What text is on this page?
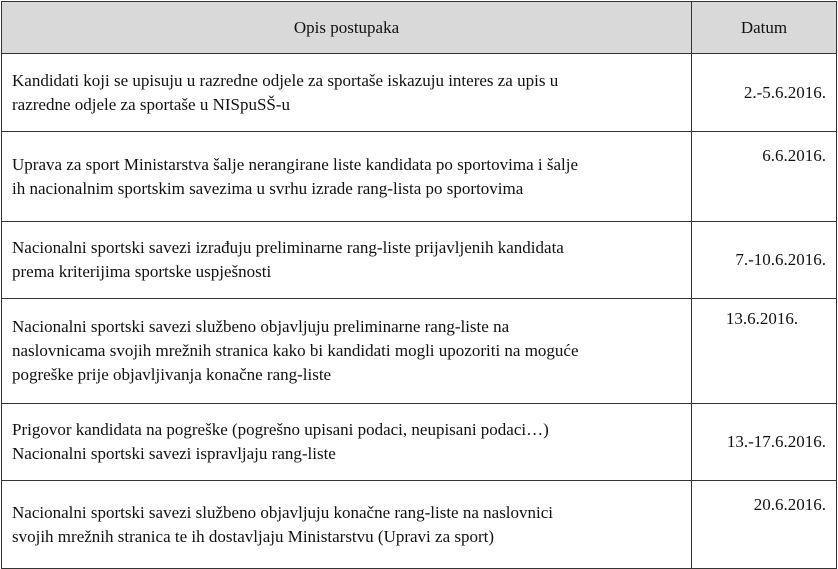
Opis postupaka	Datum

Kandidati koji se upisuju u razredne odjele za sportaše iskazuju interes za upis u
razredne odjele za sportaše u NISpuSŠ-u	2.-5.6.2016.

Uprava za sport Ministarstva šalje nerangirane liste kandidata po sportovima i šalje
ih nacionalnim sportskim savezima u svrhu izrade rang-lista po sportovima	6.6.2016.

Nacionalni sportski savezi izrađuju preliminarne rang-liste prijavljenih kandidata
prema kriterijima sportske uspješnosti	7.-10.6.2016.

Nacionalni sportski savezi službeno objavljuju preliminarne rang-liste na
naslovnicama svojih mrežnih stranica kako bi kandidati mogli upozoriti na moguće
pogreške prije objavljivanja konačne rang-liste	13.6.2016.

Prigovor kandidata na pogreške (pogrešno upisani podaci, neupisani podaci…)
Nacionalni sportski savezi ispravljaju rang-liste	13.-17.6.2016.

Nacionalni sportski savezi službeno objavljuju konačne rang-liste na naslovnici
svojih mrežnih stranica te ih dostavljaju Ministarstvu (Upravi za sport)	20.6.2016.
